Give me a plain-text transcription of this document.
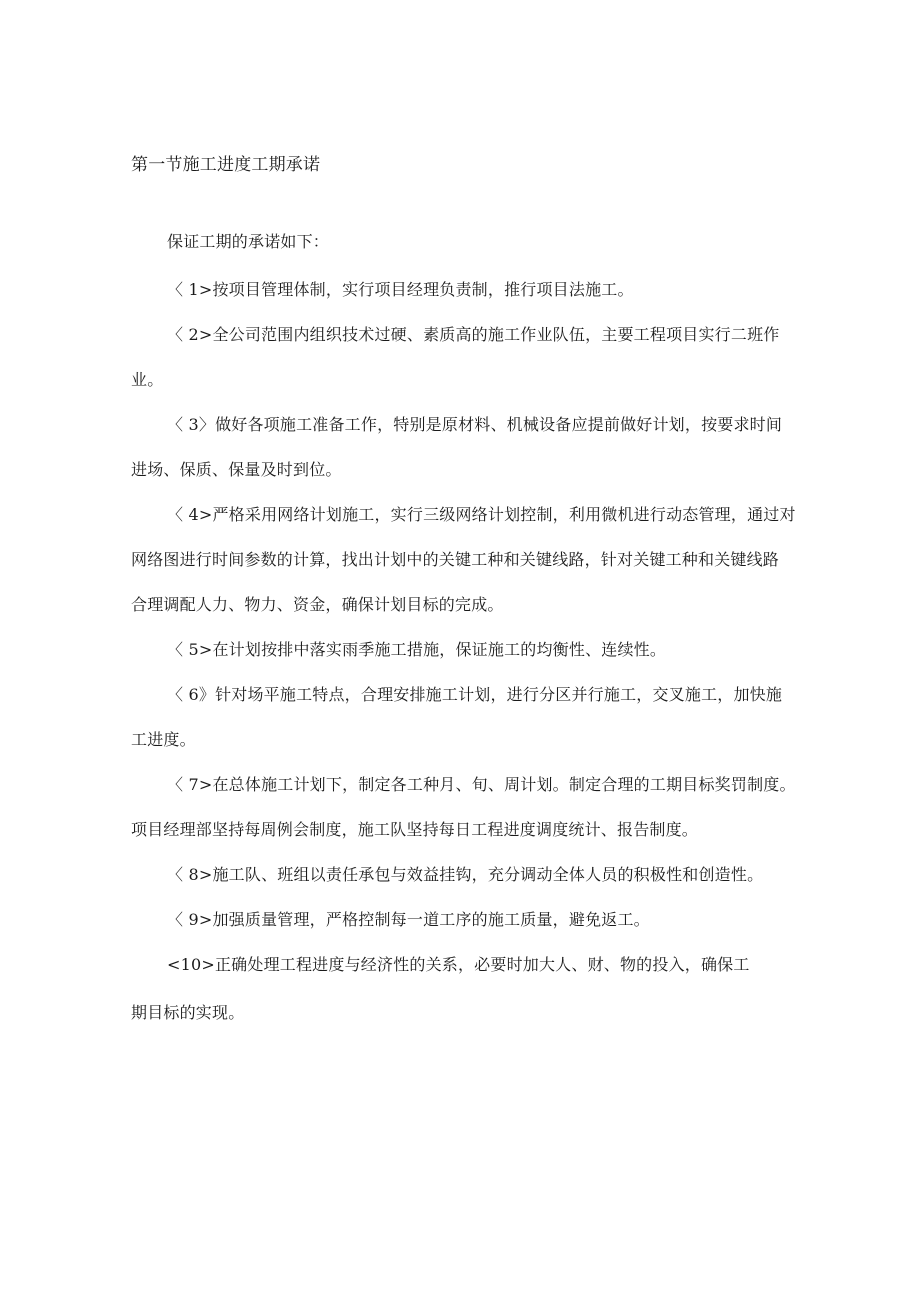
第一节施工进度工期承诺
保证工期的承诺如下：
〈 1>按项目管理体制，实行项目经理负责制，推行项目法施工。
〈 2>全公司范围内组织技术过硬、素质高的施工作业队伍，主要工程项目实行二班作
业。
〈 3〉做好各项施工准备工作，特别是原材料、机械设备应提前做好计划，按要求时间
进场、保质、保量及时到位。
〈 4>严格采用网络计划施工，实行三级网络计划控制，利用微机进行动态管理，通过对
网络图进行时间参数的计算，找出计划中的关键工种和关键线路，针对关键工种和关键线路
合理调配人力、物力、资金，确保计划目标的完成。
〈 5>在计划按排中落实雨季施工措施，保证施工的均衡性、连续性。
〈 6》针对场平施工特点，合理安排施工计划，进行分区并行施工，交叉施工，加快施
工进度。
〈 7>在总体施工计划下，制定各工种月、旬、周计划。制定合理的工期目标奖罚制度。
项目经理部坚持每周例会制度，施工队坚持每日工程进度调度统计、报告制度。
〈 8>施工队、班组以责任承包与效益挂钩，充分调动全体人员的积极性和创造性。
〈 9>加强质量管理，严格控制每一道工序的施工质量，避免返工。
<10>正确处理工程进度与经济性的关系，必要时加大人、财、物的投入，确保工
期目标的实现。
